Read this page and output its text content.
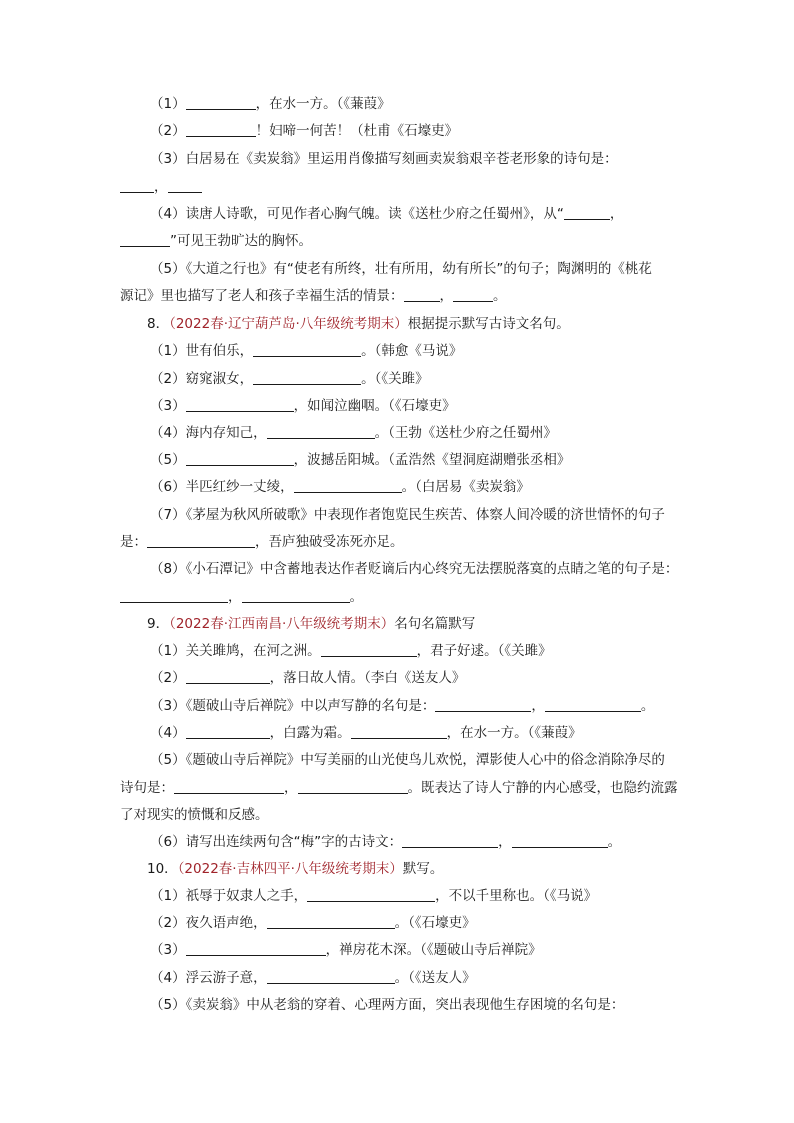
（1）	，在水一方。（《蒹葭》
（2）	！妇啼一何苦！（杜甫《石壕吏》
（3）白居易在《卖炭翁》里运用肖像描写刻画卖炭翁艰辛苍老形象的诗句是：
，
（4）读唐人诗歌，可见作者心胸气魄。读《送杜少府之任蜀州》，从“	，
”可见王勃旷达的胸怀。
（5）《大道之行也》有“使老有所终，壮有所用，幼有所长”的句子；陶渊明的《桃花
源记》里也描写了老人和孩子幸福生活的情景：	，	。
8．（2022春·辽宁葫芦岛·八年级统考期末）根据提示默写古诗文名句。
（1）世有伯乐，	。（韩愈《马说》
（2）窈窕淑女，	。（《关雎》
（3）	，如闻泣幽咽。（《石壕吏》
（4）海内存知己，	。（王勃《送杜少府之任蜀州》
（5）	，波撼岳阳城。（孟浩然《望洞庭湖赠张丞相》
（6）半匹红纱一丈绫，	。（白居易《卖炭翁》
（7）《茅屋为秋风所破歌》中表现作者饱览民生疾苦、体察人间冷暖的济世情怀的句子
是：	，吾庐独破受冻死亦足。
（8）《小石潭记》中含蓄地表达作者贬谪后内心终究无法摆脱落寞的点睛之笔的句子是：
，	。
9．（2022春·江西南昌·八年级统考期末）名句名篇默写
（1）关关雎鸠，在河之洲。	，君子好逑。（《关雎》
（2）	，落日故人情。（李白《送友人》
（3）《题破山寺后禅院》中以声写静的名句是：	，	。
（4）	，白露为霜。	，在水一方。（《蒹葭》
（5）《题破山寺后禅院》中写美丽的山光使鸟儿欢悦，潭影使人心中的俗念消除净尽的
诗句是：	，	。既表达了诗人宁静的内心感受，也隐约流露
了对现实的愤慨和反感。
（6）请写出连续两句含“梅”字的古诗文：	，	。
10．（2022春·吉林四平·八年级统考期末）默写。
（1）祇辱于奴隶人之手，	，不以千里称也。（《马说》
（2）夜久语声绝，	。（《石壕吏》
（3）	，禅房花木深。（《题破山寺后禅院》
（4）浮云游子意，	。（《送友人》
（5）《卖炭翁》中从老翁的穿着、心理两方面，突出表现他生存困境的名句是：
